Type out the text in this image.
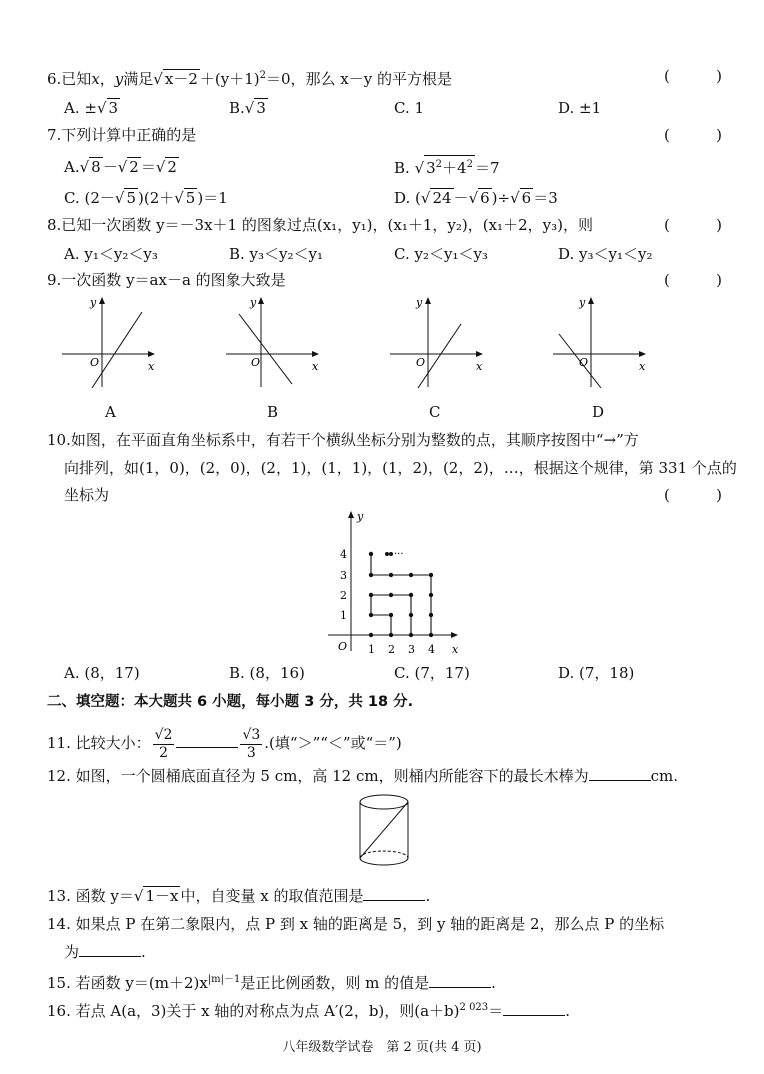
6.已知x，y满足√ $x-2 +(y+1)^2=0$，那么 x－y 的平方根是	(	)
A. ±√ 3	B.√ 3	C. 1	D. ±1
7.下列计算中正确的是	(	)
A.√ 8 －√ 2 ＝√ 2	B. √ $3^2+4^2 =7$
C. (2－√ 5 )(2＋√ 5 )＝1	D. (√ 24 －√ 6 )÷√ 6 ＝3
8.已知一次函数 y＝－3x＋1 的图象过点(x₁，y₁)，(x₁＋1，y₂)，(x₁＋2，y₃)，则	(	)
A. y₁＜y₂＜y₃	B. y₃＜y₂＜y₁	C. y₂＜y₁＜y₃	D. y₃＜y₁＜y₂
9.一次函数 y＝ax－a 的图象大致是	(	)
y
x
O
y
x
O
y
x
O
y
x
O
A	B	C	D
10.如图，在平面直角坐标系中，有若干个横纵坐标分别为整数的点，其顺序按图中“→”方
向排列，如(1，0)，(2，0)，(2，1)，(1，1)，(1，2)，(2，2)，…，根据这个规律，第 331 个点的
坐标为	(	)
y
x
O 1 2 3 4
1
2
3
4	···
A. (8，17)	B. (8，16)	C. (7，17)	D. (7，18)
二、填空题：本大题共 6 小题，每小题 3 分，共 18 分.
11. 比较大小： $\frac{√2}{2}$	$\frac{√3}{3}$ .(填“＞”“＜”或“＝”)
12. 如图，一个圆桶底面直径为 5 cm，高 12 cm，则桶内所能容下的最长木棒为	cm.
13. 函数 y＝√ 1－x 中，自变量 x 的取值范围是	.
14. 如果点 P 在第二象限内，点 P 到 x 轴的距离是 5，到 y 轴的距离是 2，那么点 P 的坐标
为	.
15. 若函数 $y=(m+2)x^{|m|-1}$是正比例函数，则 m 的值是	.
16. 若点 A(a，3)关于 x 轴的对称点为点 A′(2，b)，则$(a+b)^{2 023}=$	.
八年级数学试卷　第 2 页(共 4 页)
